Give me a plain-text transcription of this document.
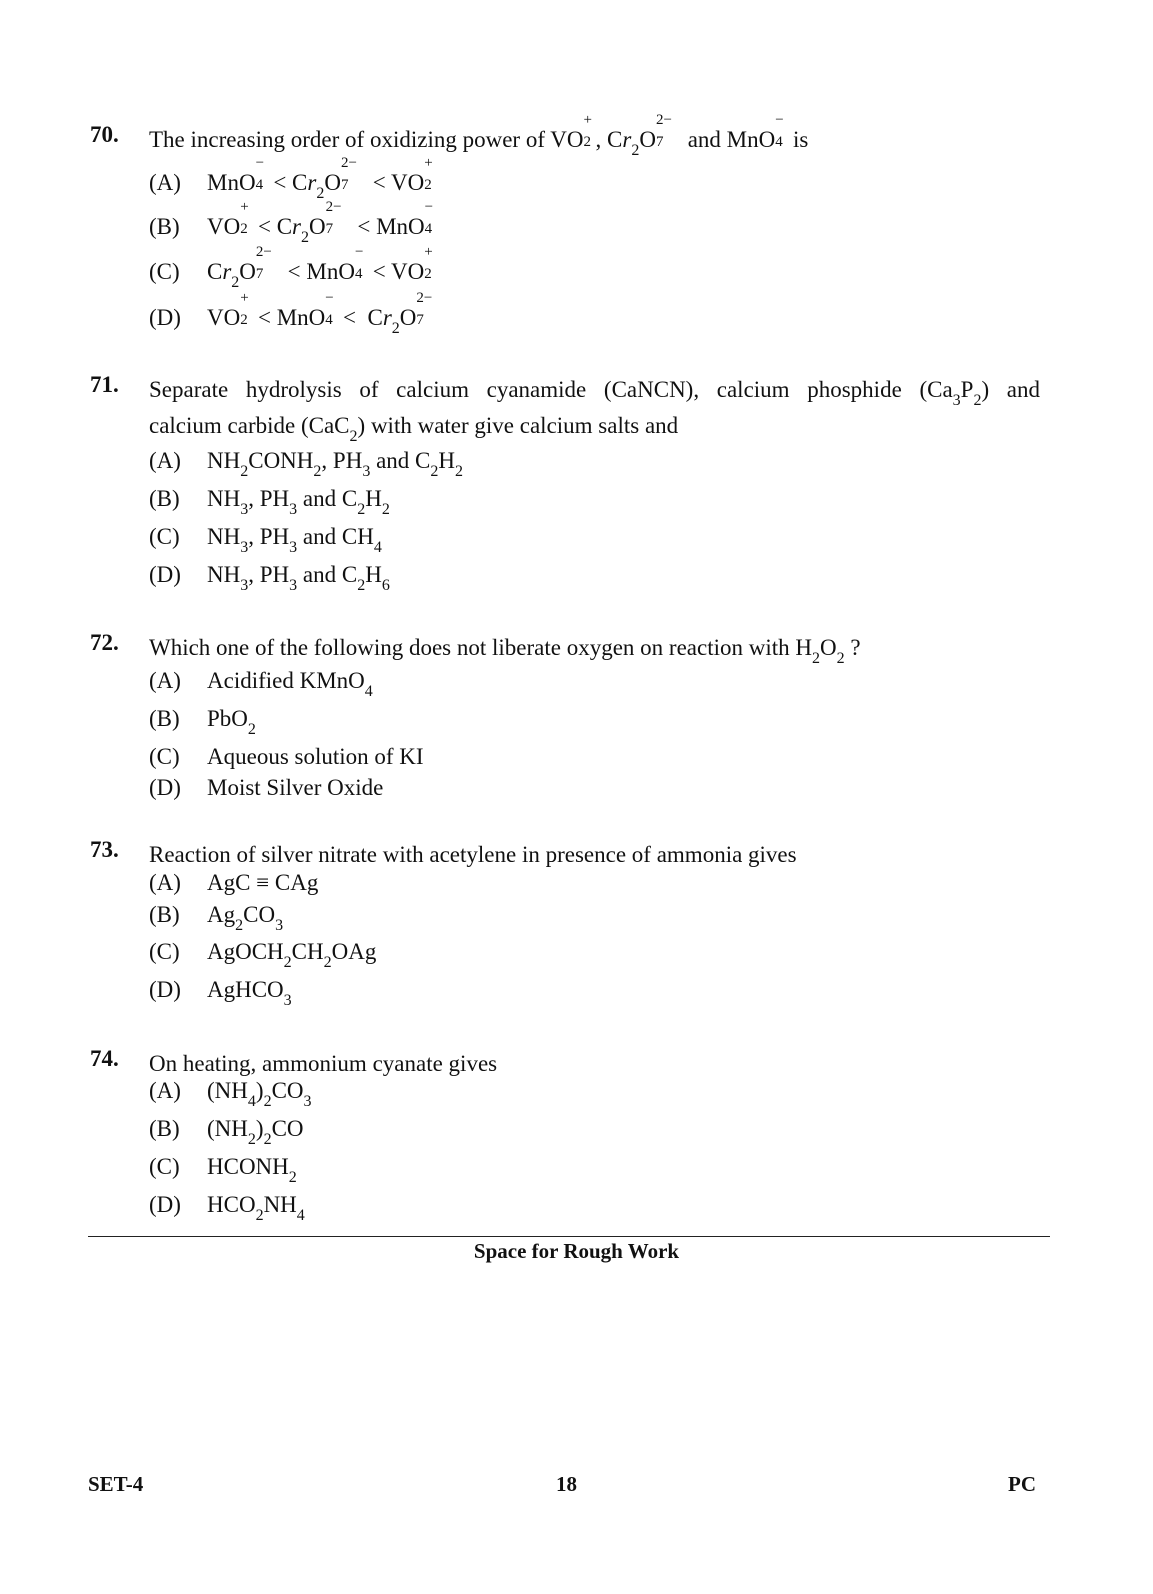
70. The increasing order of oxidizing power of VO
+
2 , $Cr_2O$
2−
7 and MnO
−
4 is
(A)	MnO
−
$4 < Cr_2O$
2−
7 < VO
+
2
(B)	VO
+
$2 < Cr_2O$
2−
7 < MnO
−
4
(C)	$Cr_2O$
2−
7 < MnO
−
4 < VO
+
2
(D)	VO
+
2 < MnO
−
$4 < Cr_2O$
2−
7
71. Separate hydrolysis of calcium cyanamide (CaNCN), calcium phosphide $(Ca_3P_2)$ and
calcium carbide (CaC$_2$) with water give calcium salts and
(A)	$NH_2CONH_2$, $PH_3$ and $C_2H_2$
(B)	$NH_3$, $PH_3$ and $C_2H_2$
(C)	$NH_3$, $PH_3$ and $CH_4$
(D)	$NH_3$, $PH_3$ and $C_2H_6$
72. Which one of the following does not liberate oxygen on reaction with $H_2O_2$ ?
(A)	Acidified KMnO$_4$
(B)	PbO$_2$
(C)	Aqueous solution of KI
(D)	Moist Silver Oxide
73. Reaction of silver nitrate with acetylene in presence of ammonia gives
(A)	AgC ≡ CAg
(B)	$Ag_2CO_3$
(C)	$AgOCH_2CH_2OAg$
(D)	AgHCO$_3$
74. On heating, ammonium cyanate gives
(A)	$(NH_4)_2CO_3$
(B)	$(NH_2)_2CO$
(C)	$HCONH_2$
(D)	$HCO_2NH_4$
Space for Rough Work
SET-4	18	PC
